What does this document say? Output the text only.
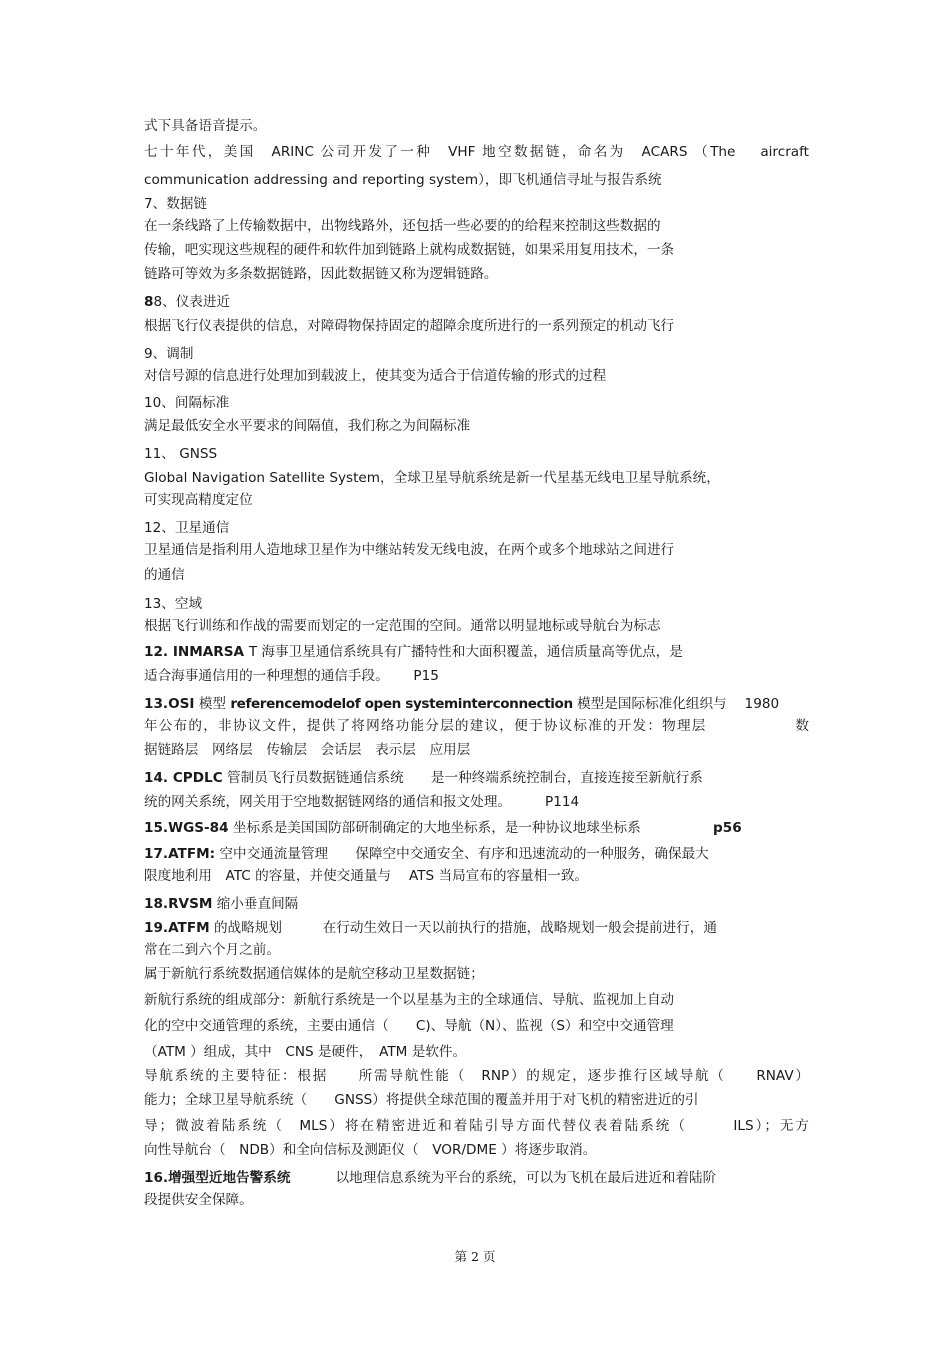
式下具备语音提示。
七十年代，美国　ARINC 公司开发了一种　VHF 地空数据链，命名为　ACARS （The　 aircraft
communication addressing and reporting system），即飞机通信寻址与报告系统
7、数据链
在一条线路了上传输数据中，出物线路外，还包括一些必要的的给程来控制这些数据的
传输，吧实现这些规程的硬件和软件加到链路上就构成数据链，如果采用复用技术，一条
链路可等效为多条数据链路，因此数据链又称为逻辑链路。
88、仪表进近
根据飞行仪表提供的信息，对障碍物保持固定的超障余度所进行的一系列预定的机动飞行
9、调制
对信号源的信息进行处理加到载波上，使其变为适合于信道传输的形式的过程
10、间隔标准
满足最低安全水平要求的间隔值，我们称之为间隔标准
11、 GNSS
Global Navigation Satellite System，全球卫星导航系统是新一代星基无线电卫星导航系统，
可实现高精度定位
12、卫星通信
卫星通信是指利用人造地球卫星作为中继站转发无线电波，在两个或多个地球站之间进行
的通信
13、空域
根据飞行训练和作战的需要而划定的一定范围的空间。通常以明显地标或导航台为标志
12. INMARSA T 海事卫星通信系统具有广播特性和大面积覆盖，通信质量高等优点，是
适合海事通信用的一种理想的通信手段。　　 P15
13.OSI 模型 referencemodelof open systeminterconnection 模型是国际标准化组织与　 1980
年公布的，非协议文件，提供了将网络功能分层的建议，便于协议标准的开发：物理层　　　　　　数
据链路层　网络层　传输层　会话层　表示层　应用层
14. CPDLC 管制员飞行员数据链通信系统　　是一种终端系统控制台，直接连接至新航行系
统的网关系统，网关用于空地数据链网络的通信和报文处理。　　　P114
15.WGS-84 坐标系是美国国防部研制确定的大地坐标系，是一种协议地球坐标系　　　　　 p56
17.ATFM: 空中交通流量管理　　保障空中交通安全、有序和迅速流动的一种服务，确保最大
限度地利用　ATC 的容量，并使交通量与　 ATS 当局宣布的容量相一致。
18.RVSM 缩小垂直间隔
19.ATFM 的战略规划　　　在行动生效日一天以前执行的措施，战略规划一般会提前进行，通
常在二到六个月之前。
属于新航行系统数据通信媒体的是航空移动卫星数据链；
新航行系统的组成部分：新航行系统是一个以星基为主的全球通信、导航、监视加上自动
化的空中交通管理的系统，主要由通信（　　C)、导航（N）、监视（S）和空中交通管理
（ATM ）组成，其中　CNS 是硬件，　ATM 是软件。
导航系统的主要特征：根据　　所需导航性能（　RNP）的规定，逐步推行区域导航（　　RNAV）
能力；全球卫星导航系统（　　GNSS）将提供全球范围的覆盖并用于对飞机的精密进近的引
导；微波着陆系统（　MLS）将在精密进近和着陆引导方面代替仪表着陆系统（　　　ILS）；无方
向性导航台（　NDB）和全向信标及测距仪（　VOR/DME ）将逐步取消。
16.增强型近地告警系统　　　 以地理信息系统为平台的系统，可以为飞机在最后进近和着陆阶
段提供安全保障。
第 2 页
